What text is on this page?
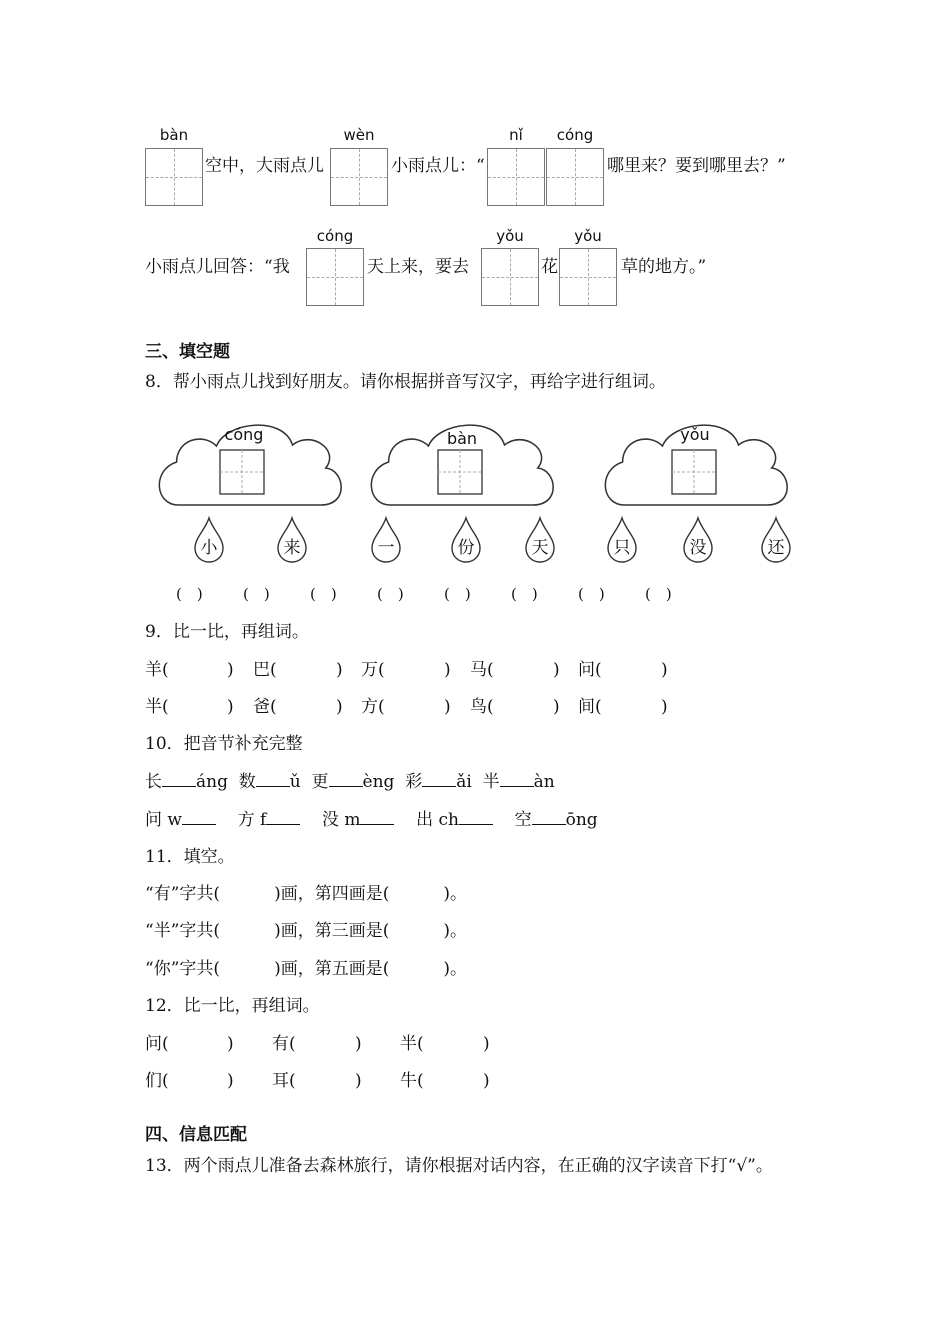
bàn
空中，大雨点儿
wèn
小雨点儿：“
nǐ	cóng
哪里来？要到哪里去？”
小雨点儿回答：“我
cóng
天上来，要去
yǒu
花
yǒu
草的地方。”
三、填空题
8．帮小雨点儿找到好朋友。请你根据拼音写汉字，再给字进行组词。
cóng	bàn	yǒu
小	来	一	份	天	只	没	还
(　)	(　)	(　)	(　)	(　)	(　)	(　)	(　)
9．比一比，再组词。
羊(	) 巴(	) 万(	) 马(	) 问(	)
半(	) 爸(	) 方(	) 鸟(	) 间(	)
10．把音节补充完整
长 áng 数 ǔ 更 èng 彩 ǎi 半 àn
问 w	方 f	没 m	出 ch	空 ōng
11．填空。
“有”字共(	)画，第四画是(	)。
“半”字共(	)画，第三画是(	)。
“你”字共(	)画，第五画是(	)。
12．比一比，再组词。
问(	) 有(	) 半(	)
们(	) 耳(	) 牛(	)
四、信息匹配
13．两个雨点儿准备去森林旅行，请你根据对话内容，在正确的汉字读音下打“√”。
